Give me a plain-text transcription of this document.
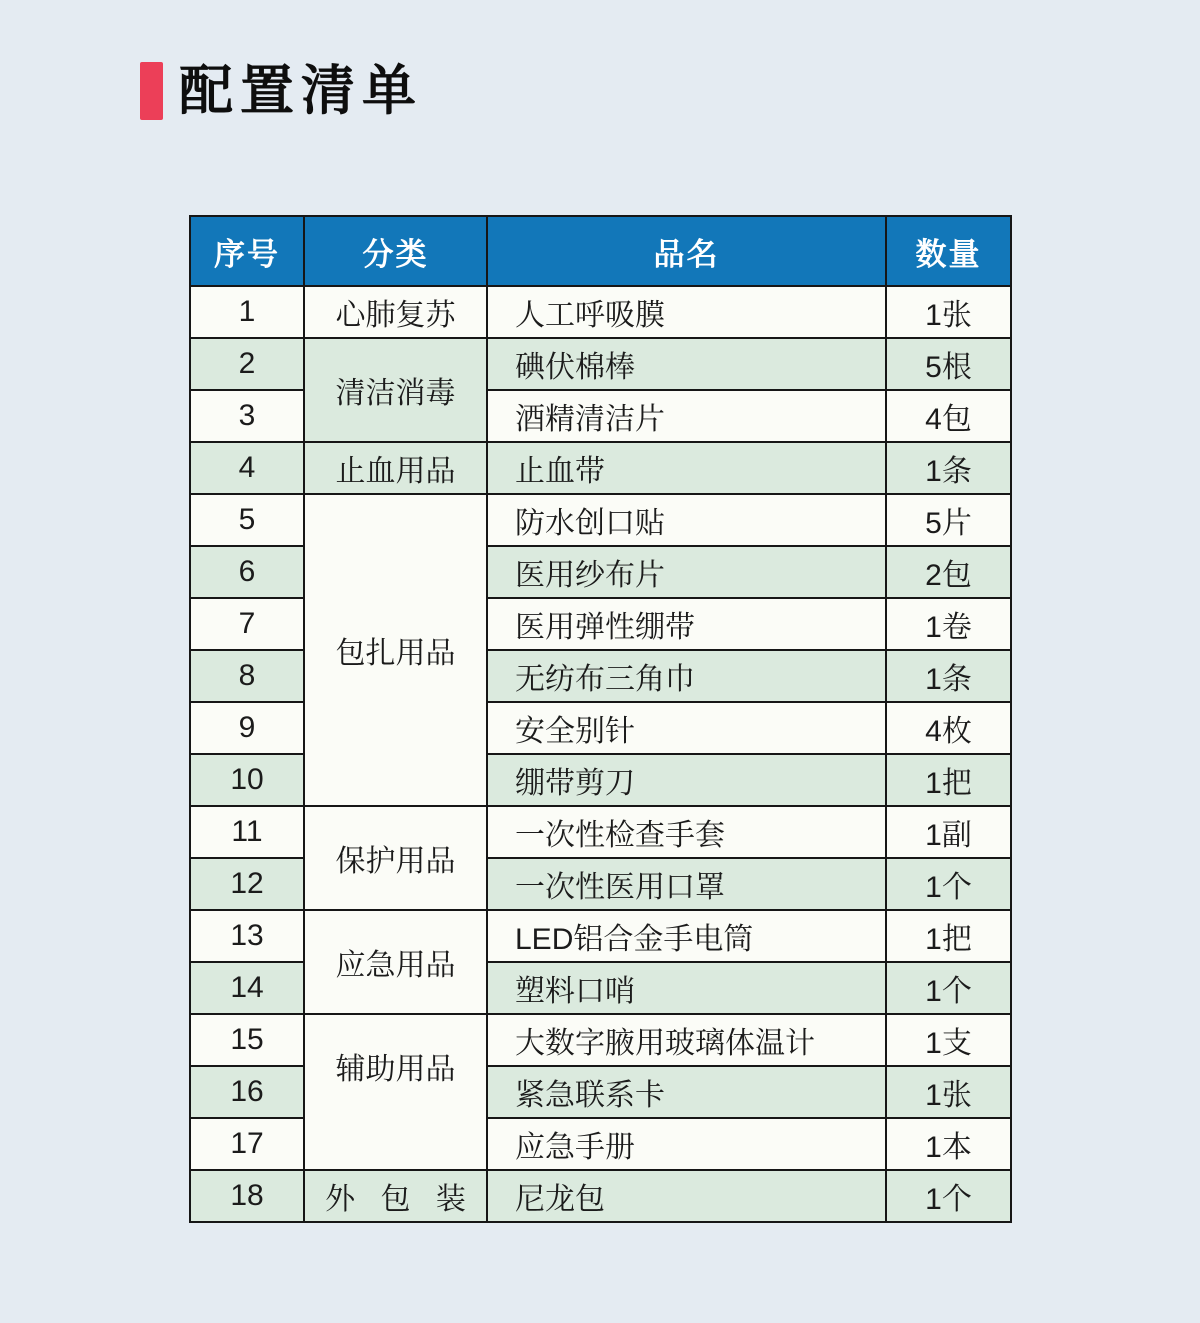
配置清单
序号	分类	品名	数量
1	心肺复苏	人工呼吸膜	1张
2	清洁消毒	碘伏棉棒	5根
3		酒精清洁片	4包
4	止血用品	止血带	1条
5	包扎用品	防水创口贴	5片
6		医用纱布片	2包
7		医用弹性绷带	1卷
8		无纺布三角巾	1条
9		安全别针	4枚
10		绷带剪刀	1把
11	保护用品	一次性检查手套	1副
12		一次性医用口罩	1个
13	应急用品	LED铝合金手电筒	1把
14		塑料口哨	1个
15	辅助用品	大数字腋用玻璃体温计	1支
16		紧急联系卡	1张
17		应急手册	1本
18	外 包 装	尼龙包	1个
